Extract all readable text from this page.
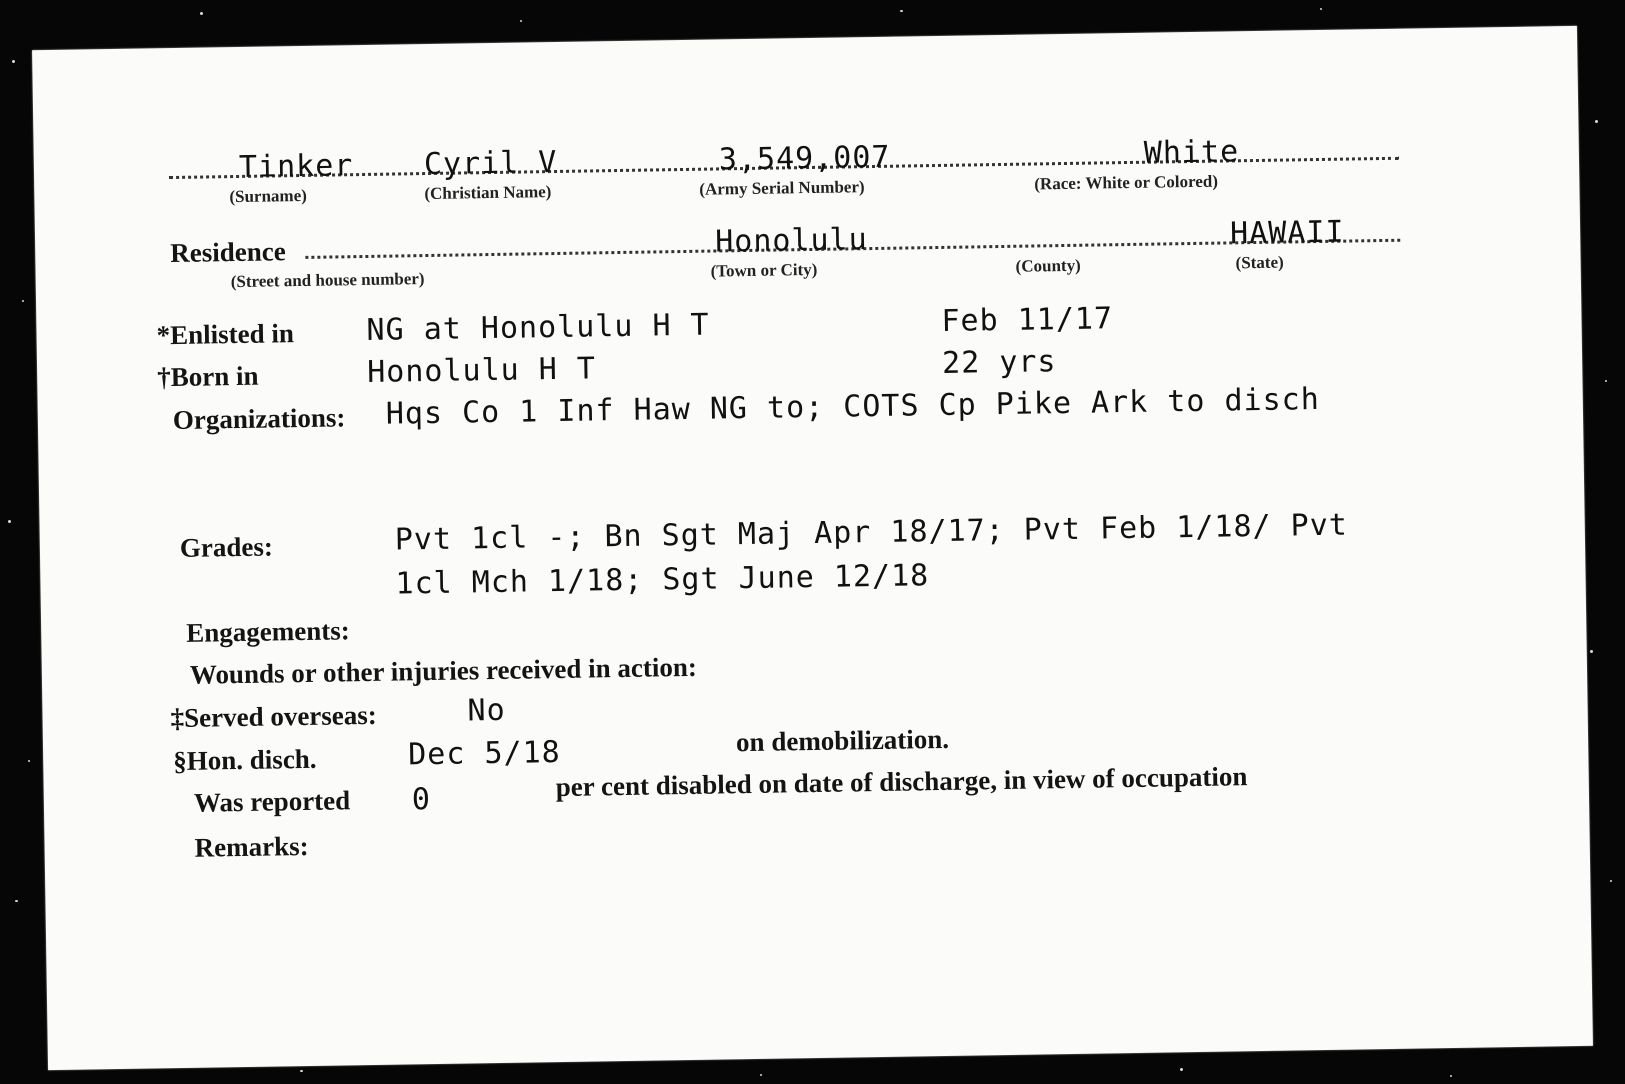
Tinker
(Surname)
Cyril V
(Christian Name)
3,549,007
(Army Serial Number)
White
(Race: White or Colored)
Residence
(Street and house number)
Honolulu
(Town or City)	(County)
HAWAII
(State)
*Enlisted in NG at Honolulu H T	Feb 11/17
†Born in	Honolulu H T	22 yrs
Organizations: Hqs Co 1 Inf Haw NG to; COTS Cp Pike Ark to disch
Grades:	Pvt 1cl -; Bn Sgt Maj Apr 18/17; Pvt Feb 1/18/ Pvt
1cl Mch 1/18; Sgt June 12/18
Engagements:
Wounds or other injuries received in action:
‡Served overseas:	No
§Hon. disch.	Dec 5/18	on demobilization.
Was reported 0	per cent disabled on date of discharge, in view of occupation
Remarks:
